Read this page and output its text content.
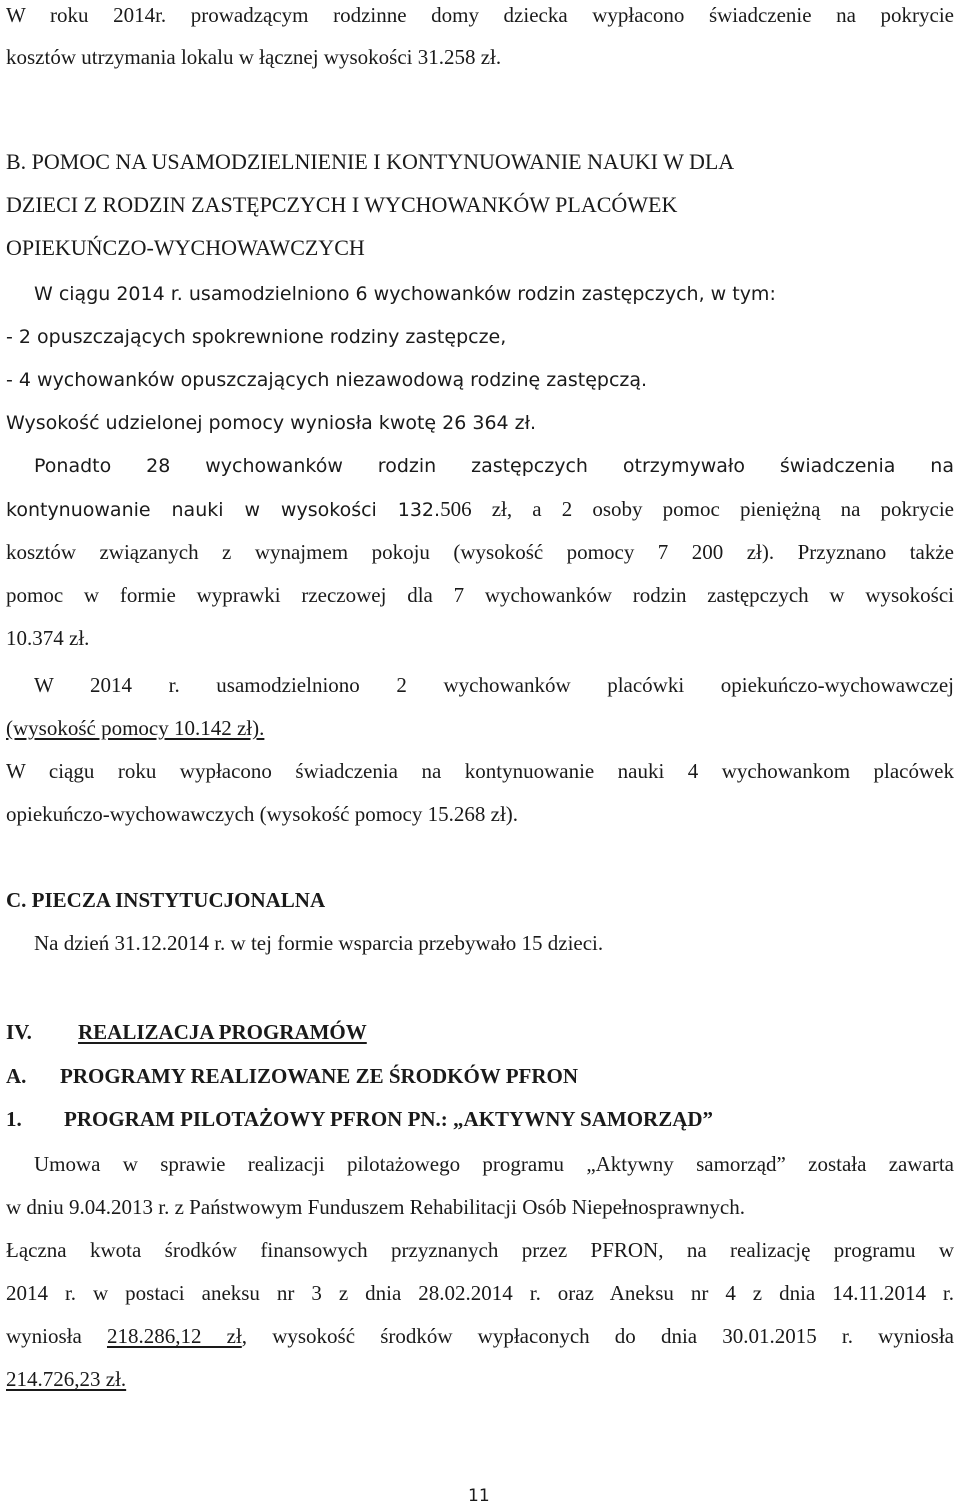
W roku 2014r. prowadzącym rodzinne domy dziecka wypłacono świadczenie na pokrycie
kosztów utrzymania lokalu w łącznej wysokości 31.258 zł.
B. POMOC NA USAMODZIELNIENIE I KONTYNUOWANIE NAUKI W DLA
DZIECI Z RODZIN ZASTĘPCZYCH I WYCHOWANKÓW PLACÓWEK
OPIEKUŃCZO-WYCHOWAWCZYCH
W ciągu 2014 r. usamodzielniono 6 wychowanków rodzin zastępczych, w tym:
- 2 opuszczających spokrewnione rodziny zastępcze,
- 4 wychowanków opuszczających niezawodową rodzinę zastępczą.
Wysokość udzielonej pomocy wyniosła kwotę 26 364 zł.
Ponadto 28 wychowanków rodzin zastępczych otrzymywało świadczenia na
kontynuowanie nauki w wysokości 132.506 zł, a 2 osoby pomoc pieniężną na pokrycie
kosztów związanych z wynajmem pokoju (wysokość pomocy 7 200 zł). Przyznano także
pomoc w formie wyprawki rzeczowej dla 7 wychowanków rodzin zastępczych w wysokości
10.374 zł.
W 2014 r. usamodzielniono 2 wychowanków placówki opiekuńczo-wychowawczej
(wysokość pomocy 10.142 zł).
W ciągu roku wypłacono świadczenia na kontynuowanie nauki 4 wychowankom placówek
opiekuńczo-wychowawczych (wysokość pomocy 15.268 zł).
C. PIECZA INSTYTUCJONALNA
Na dzień 31.12.2014 r. w tej formie wsparcia przebywało 15 dzieci.
IV. REALIZACJA PROGRAMÓW
A. PROGRAMY REALIZOWANE ZE ŚRODKÓW PFRON
1. PROGRAM PILOTAŻOWY PFRON PN.: „AKTYWNY SAMORZĄD”
Umowa w sprawie realizacji pilotażowego programu „Aktywny samorząd” została zawarta
w dniu 9.04.2013 r. z Państwowym Funduszem Rehabilitacji Osób Niepełnosprawnych.
Łączna kwota środków finansowych przyznanych przez PFRON, na realizację programu w
2014 r. w postaci aneksu nr 3 z dnia 28.02.2014 r. oraz Aneksu nr 4 z dnia 14.11.2014 r.
wyniosła 218.286,12 zł, wysokość środków wypłaconych do dnia 30.01.2015 r. wyniosła
214.726,23 zł.
11
